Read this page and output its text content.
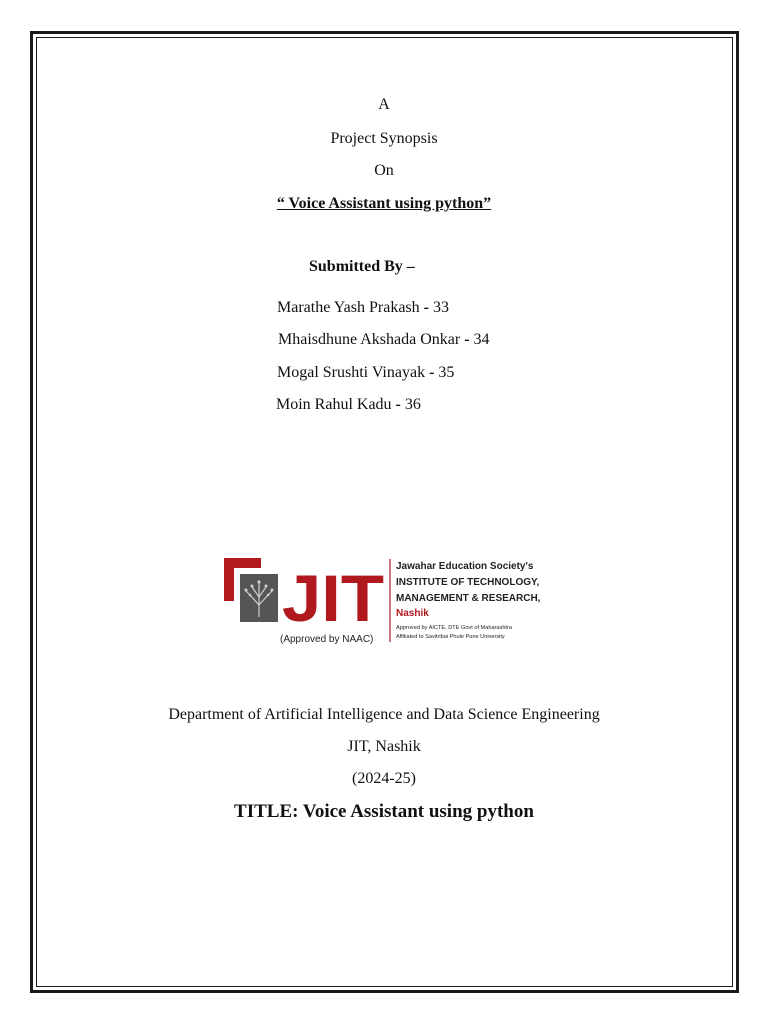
A
Project Synopsis
On
“ Voice Assistant using python”
Submitted By –
Marathe Yash Prakash - 33
Mhaisdhune Akshada Onkar - 34
Mogal Srushti Vinayak - 35
Moin Rahul Kadu - 36
JIT
(Approved by NAAC)
Jawahar Education Society's
INSTITUTE OF TECHNOLOGY,
MANAGEMENT & RESEARCH,
Nashik
Approved by AICTE, DTE Govt of Maharashtra
Affiliated to Savitribai Phule Pune University
Department of Artificial Intelligence and Data Science Engineering
JIT, Nashik
(2024-25)
TITLE: Voice Assistant using python
